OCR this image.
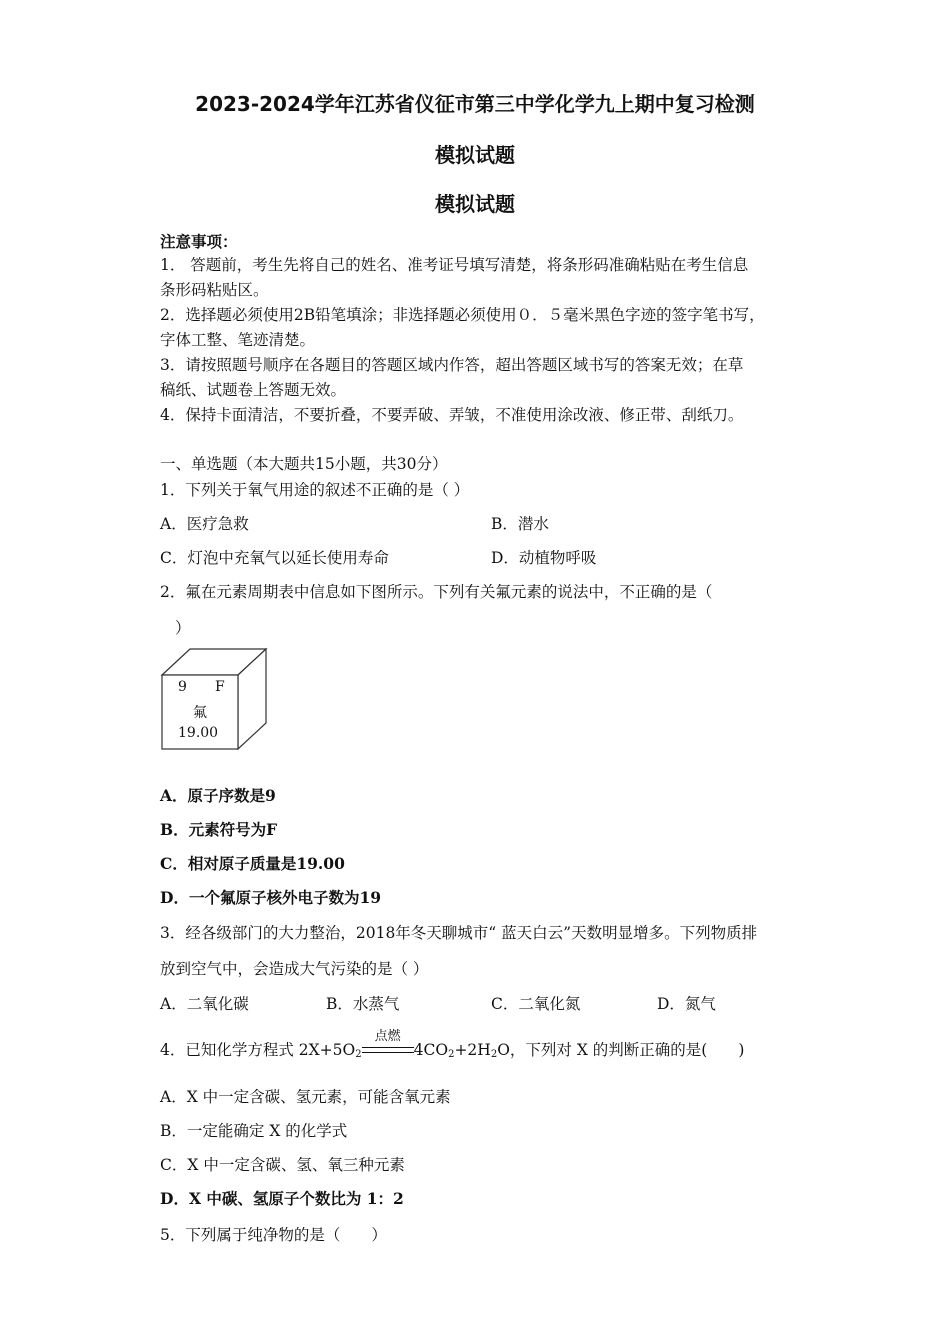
2023-2024学年江苏省仪征市第三中学化学九上期中复习检测
模拟试题
模拟试题
注意事项：
1． 答题前，考生先将自己的姓名、准考证号填写清楚，将条形码准确粘贴在考生信息
条形码粘贴区。
2．选择题必须使用2B铅笔填涂；非选择题必须使用０．５毫米黑色字迹的签字笔书写，
字体工整、笔迹清楚。
3．请按照题号顺序在各题目的答题区域内作答，超出答题区域书写的答案无效；在草
稿纸、试题卷上答题无效。
4．保持卡面清洁，不要折叠，不要弄破、弄皱，不准使用涂改液、修正带、刮纸刀。
一、单选题（本大题共15小题，共30分）
1．下列关于氧气用途的叙述不正确的是（ ）
A．医疗急救	B．潜水
C．灯泡中充氧气以延长使用寿命	D．动植物呼吸
2．氟在元素周期表中信息如下图所示。下列有关氟元素的说法中，不正确的是（
）
9 F
氟
19.00
A．原子序数是9
B．元素符号为F
C．相对原子质量是19.00
D．一个氟原子核外电子数为19
3．经各级部门的大力整治，2018年冬天聊城市“ 蓝天白云”天数明显增多。下列物质排
放到空气中，会造成大气污染的是（ ）
A．二氧化碳	B．水蒸气	C．二氧化氮	D．氮气
4．已知化学方程式 $2X+5O_2$
点燃
$4CO_2+2H_2O$，下列对 X 的判断正确的是(　　)
A．X 中一定含碳、氢元素，可能含氧元素
B．一定能确定 X 的化学式
C．X 中一定含碳、氢、氧三种元素
D．X 中碳、氢原子个数比为 1：2
5．下列属于纯净物的是（　　）
